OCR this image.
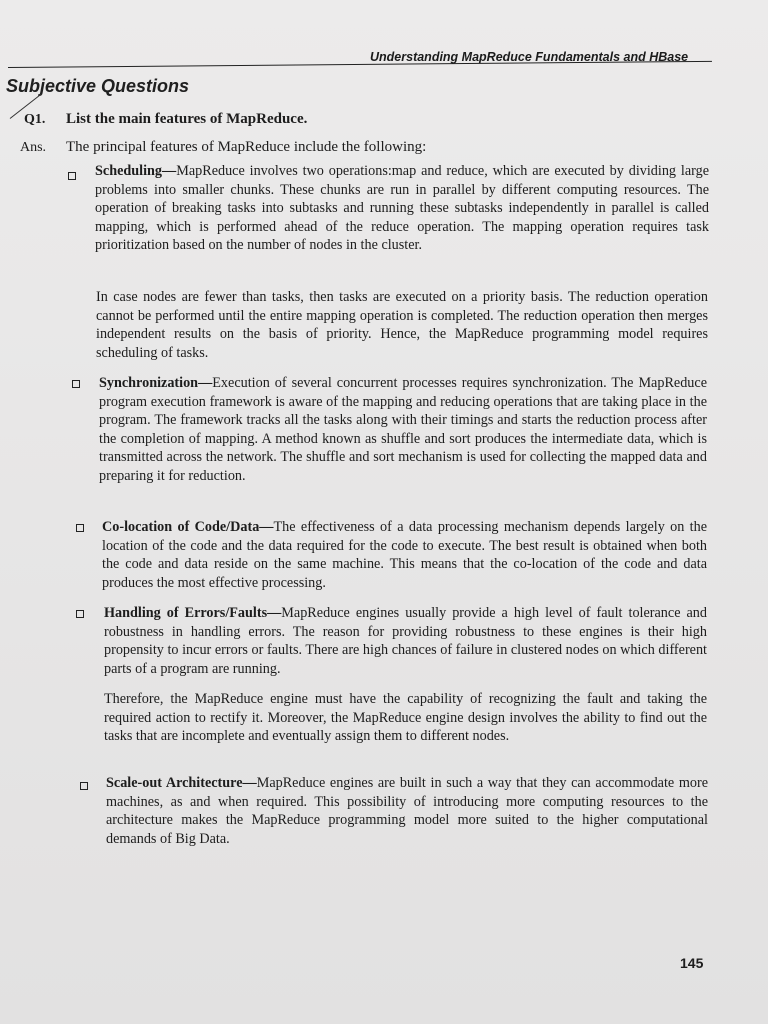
Understanding MapReduce Fundamentals and HBase
Subjective Questions
Q1. List the main features of MapReduce.
Ans. The principal features of MapReduce include the following:

Scheduling—MapReduce involves two operations:map and reduce, which are executed by dividing large problems into smaller chunks. These chunks are run in parallel by different computing resources. The operation of breaking tasks into subtasks and running these subtasks independently in parallel is called mapping, which is performed ahead of the reduce operation. The mapping operation requires task prioritization based on the number of nodes in the cluster.

In case nodes are fewer than tasks, then tasks are executed on a priority basis. The reduction operation cannot be performed until the entire mapping operation is completed. The reduction operation then merges independent results on the basis of priority. Hence, the MapReduce programming model requires scheduling of tasks.

Synchronization—Execution of several concurrent processes requires synchronization. The MapReduce program execution framework is aware of the mapping and reducing operations that are taking place in the program. The framework tracks all the tasks along with their timings and starts the reduction process after the completion of mapping. A method known as shuffle and sort produces the intermediate data, which is transmitted across the network. The shuffle and sort mechanism is used for collecting the mapped data and preparing it for reduction.

Co-location of Code/Data—The effectiveness of a data processing mechanism depends largely on the location of the code and the data required for the code to execute. The best result is obtained when both the code and data reside on the same machine. This means that the co-location of the code and data produces the most effective processing.

Handling of Errors/Faults—MapReduce engines usually provide a high level of fault tolerance and robustness in handling errors. The reason for providing robustness to these engines is their high propensity to incur errors or faults. There are high chances of failure in clustered nodes on which different parts of a program are running.

Therefore, the MapReduce engine must have the capability of recognizing the fault and taking the required action to rectify it. Moreover, the MapReduce engine design involves the ability to find out the tasks that are incomplete and eventually assign them to different nodes.

Scale-out Architecture—MapReduce engines are built in such a way that they can accommodate more machines, as and when required. This possibility of introducing more computing resources to the architecture makes the MapReduce programming model more suited to the higher computational demands of Big Data.

145
